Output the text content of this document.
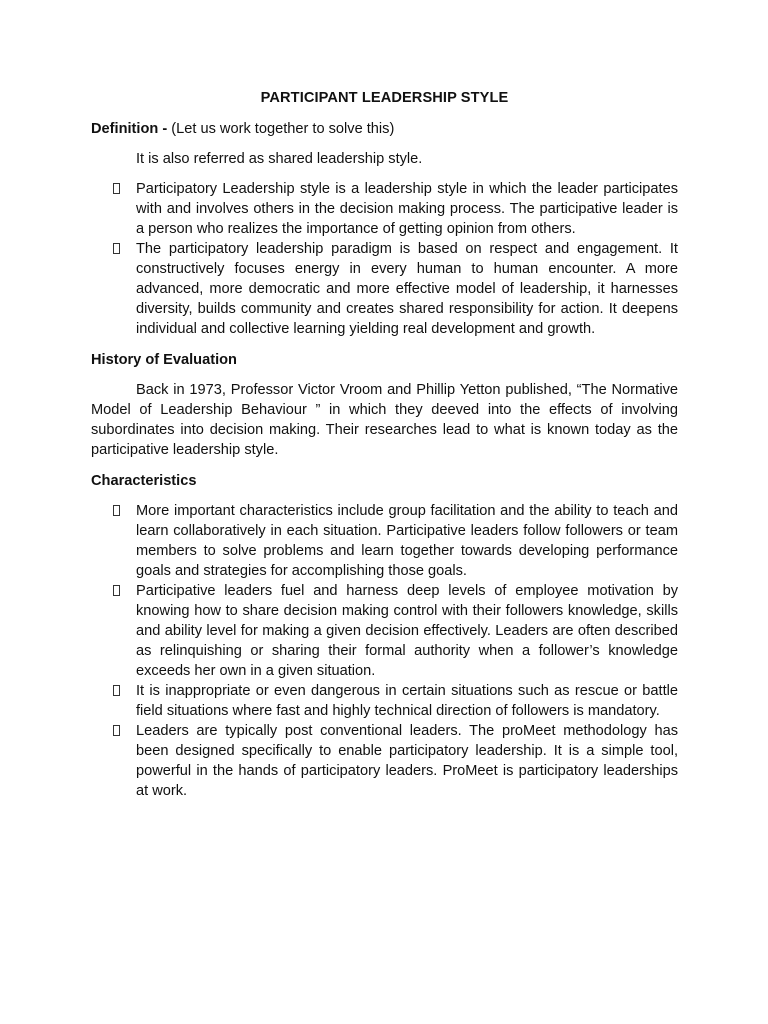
PARTICIPANT LEADERSHIP STYLE
Definition - (Let us work together to solve this)
It is also referred as shared leadership style.
Participatory Leadership style is a leadership style in which the leader participates with and involves others in the decision making process. The participative leader is a person who realizes the importance of getting opinion from others.
The participatory leadership paradigm is based on respect and engagement. It constructively focuses energy in every human to human encounter. A more advanced, more democratic and more effective model of leadership, it harnesses diversity, builds community and creates shared responsibility for action. It deepens individual and collective learning yielding real development and growth.
History of Evaluation
Back in 1973, Professor Victor Vroom and Phillip Yetton published, “The Normative Model of Leadership Behaviour ” in which they deeved into the effects of involving subordinates into decision making. Their researches lead to what is known today as the participative leadership style.
Characteristics
More important characteristics include group facilitation and the ability to teach and learn collaboratively in each situation. Participative leaders follow followers or team members to solve problems and learn together towards developing performance goals and strategies for accomplishing those goals.
Participative leaders fuel and harness deep levels of employee motivation by knowing how to share decision making control with their followers knowledge, skills and ability level for making a given decision effectively. Leaders are often described as relinquishing or sharing their formal authority when a follower’s knowledge exceeds her own in a given situation.
It is inappropriate or even dangerous in certain situations such as rescue or battle field situations where fast and highly technical direction of followers is mandatory.
Leaders are typically post conventional leaders. The proMeet methodology has been designed specifically to enable participatory leadership. It is a simple tool, powerful in the hands of participatory leaders. ProMeet is participatory leaderships at work.
